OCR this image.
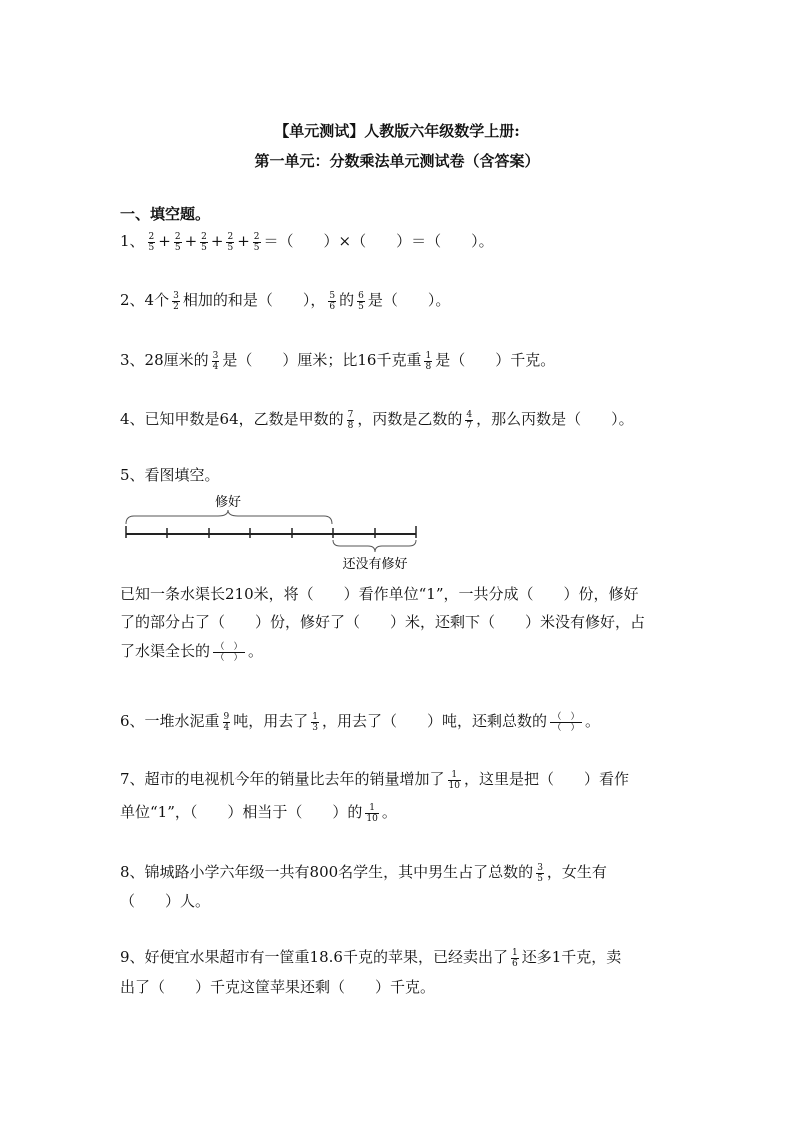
【单元测试】人教版六年级数学上册:
第一单元：分数乘法单元测试卷（含答案）
一、填空题。
1、 $\frac{2}{5} + \frac{2}{5} + \frac{2}{5} + \frac{2}{5} + \frac{2}{5}$ ＝（　　）×（　　）＝（　　）。
2、4个 $\frac{3}{2}$ 相加的和是（　　）， $\frac{5}{6}$ 的 $\frac{6}{5}$ 是（　　）。
3、28厘米的 $\frac{3}{4}$ 是（　　）厘米；比16千克重 $\frac{1}{8}$ 是（　　）千克。
4、已知甲数是64，乙数是甲数的 $\frac{7}{8}$ ，丙数是乙数的 $\frac{4}{7}$ ，那么丙数是（　　）。
5、看图填空。
修好
还没有修好
已知一条水渠长210米，将（　　）看作单位“1”，一共分成（　　）份，修好
了的部分占了（　　）份，修好了（　　）米，还剩下（　　）米没有修好，占
了水渠全长的 $\frac{( )}{( )}$ 。
6、一堆水泥重 $\frac{9}{4}$ 吨，用去了 $\frac{1}{3}$ ，用去了（　　）吨，还剩总数的 $\frac{( )}{( )}$ 。
7、超市的电视机今年的销量比去年的销量增加了 $\frac{1}{10}$ ，这里是把（　　）看作
单位“1”，（　　）相当于（　　）的 $\frac{1}{10}$ 。
8、锦城路小学六年级一共有800名学生，其中男生占了总数的 $\frac{3}{5}$ ，女生有
（　　）人。
9、好便宜水果超市有一筐重18.6千克的苹果，已经卖出了 $\frac{1}{6}$ 还多1千克，卖
出了（　　）千克这筐苹果还剩（　　）千克。
